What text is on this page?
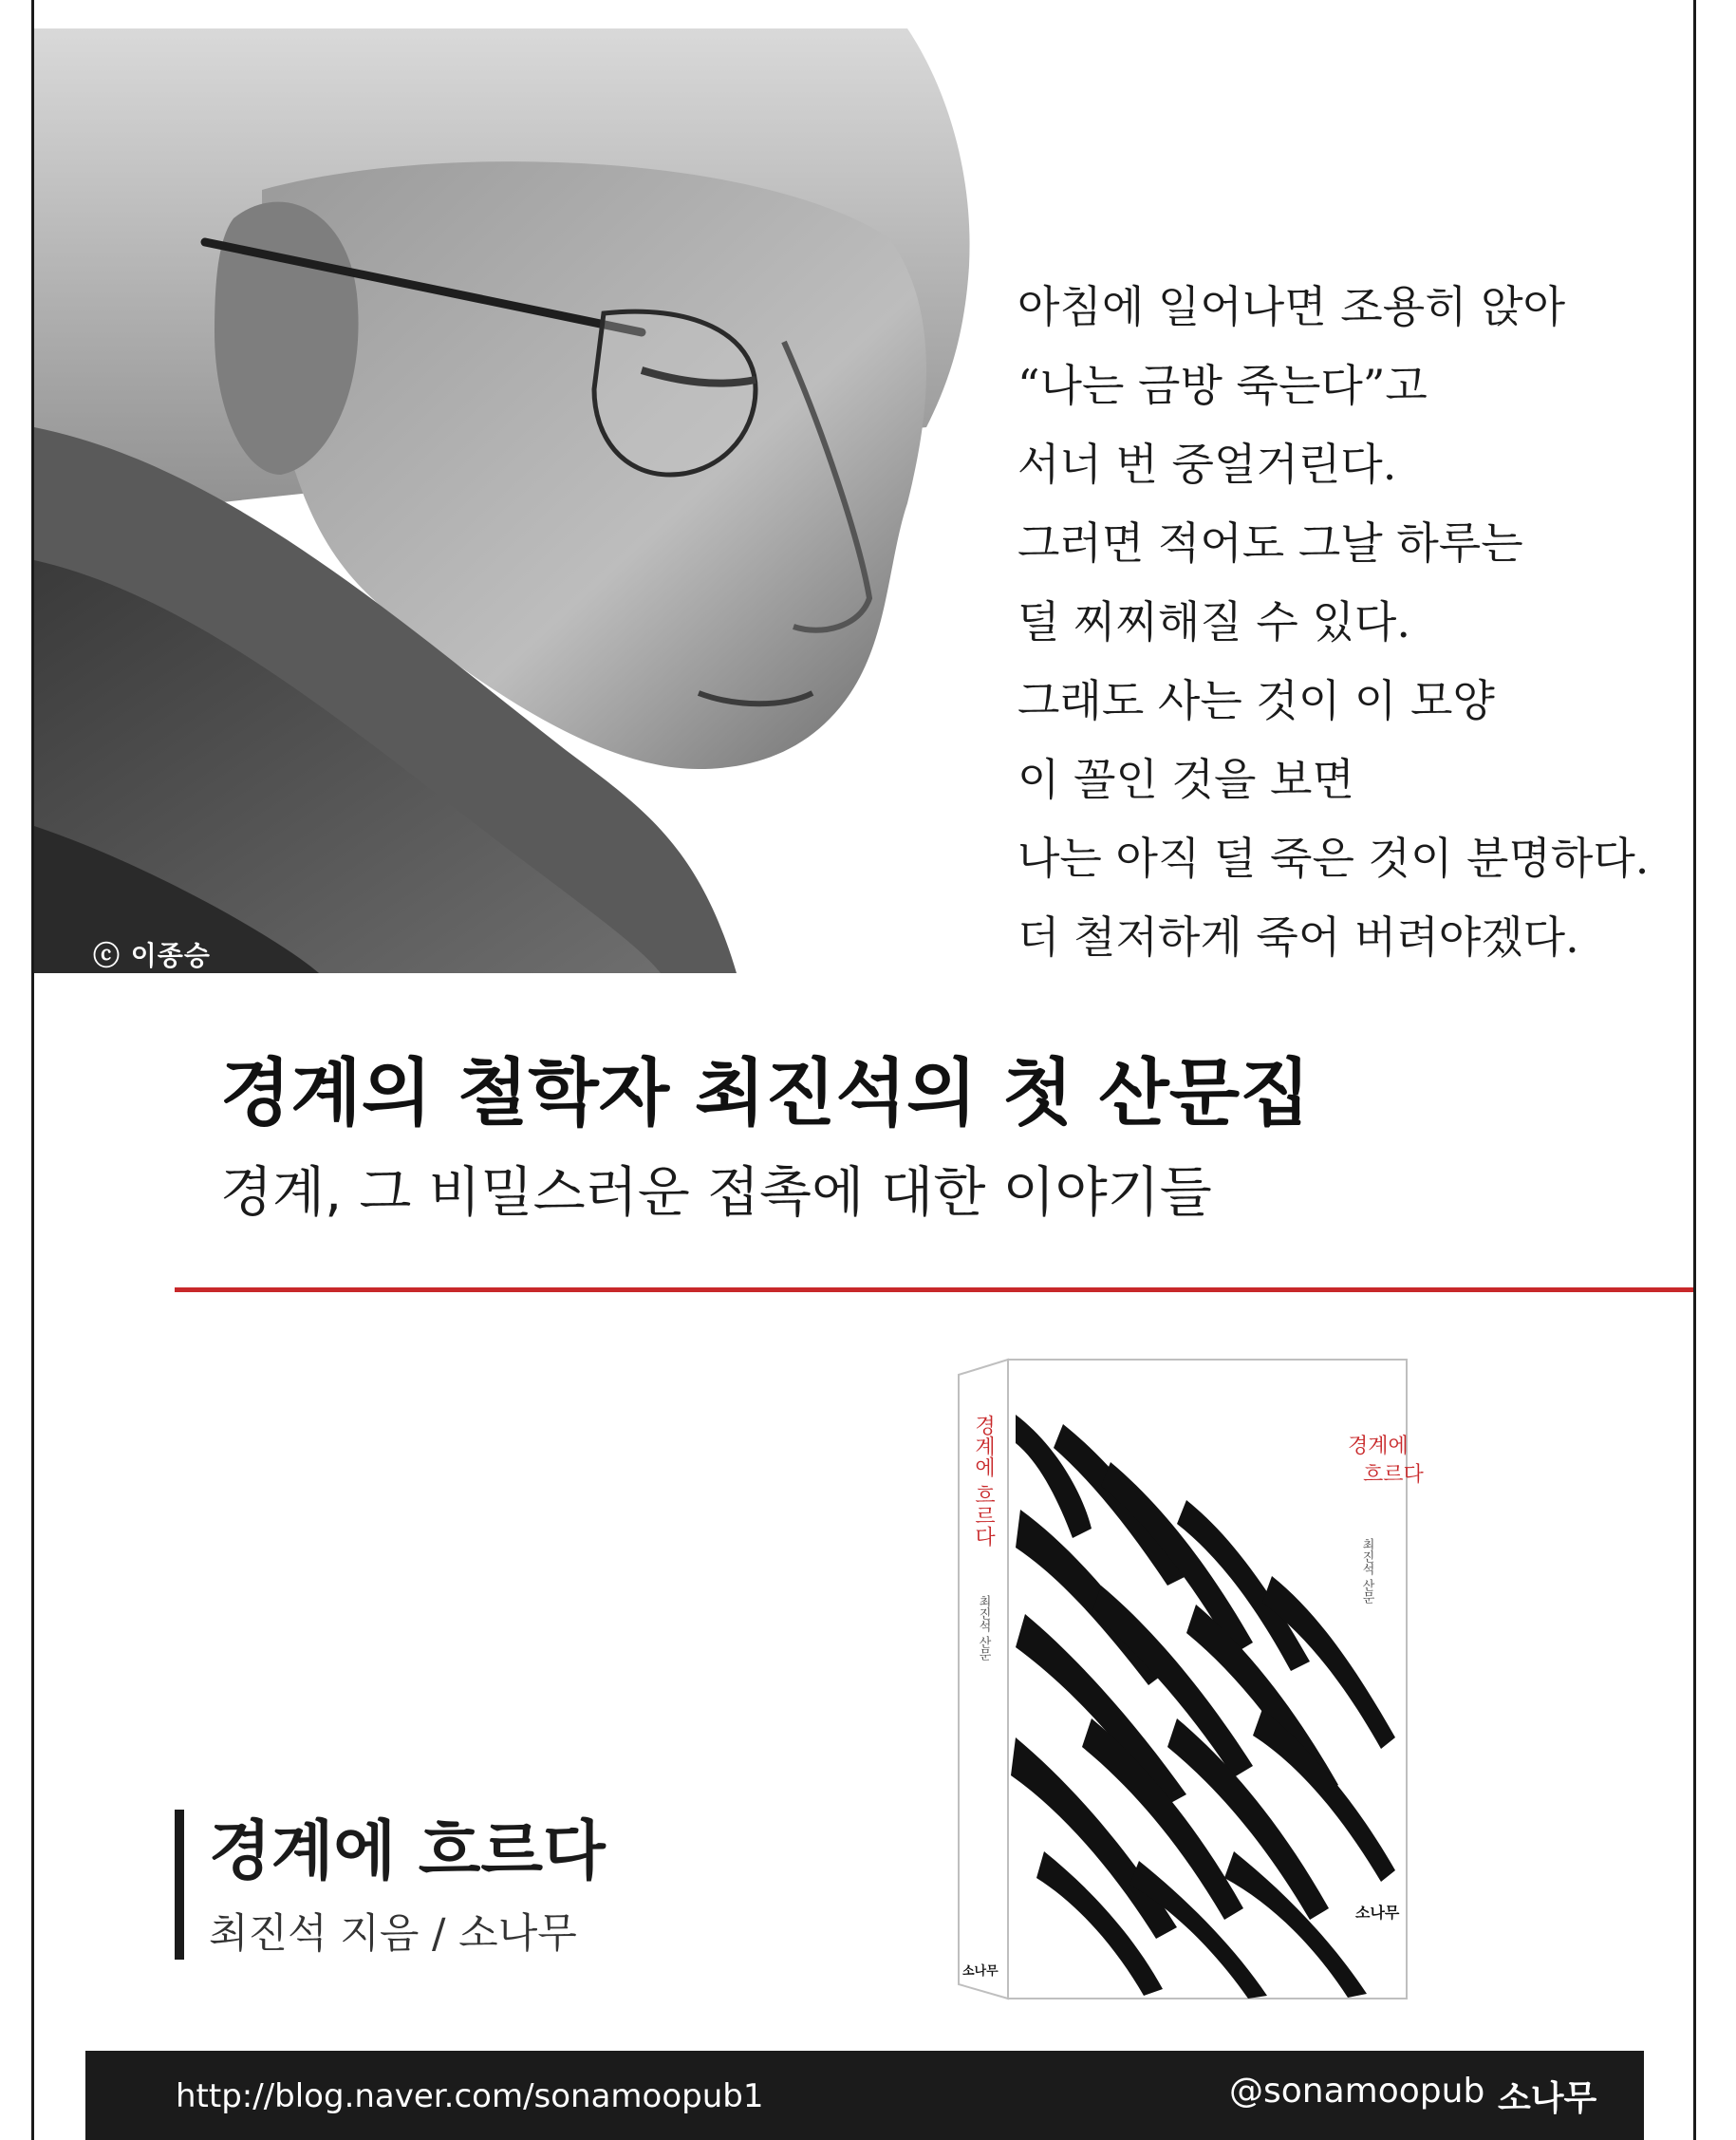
ⓒ 이종승
아침에 일어나면 조용히 앉아
“나는 금방 죽는다”고
서너 번 중얼거린다.
그러면 적어도 그날 하루는
덜 찌찌해질 수 있다.
그래도 사는 것이 이 모양
이 꼴인 것을 보면
나는 아직 덜 죽은 것이 분명하다.
더 철저하게 죽어 버려야겠다.
경계의 철학자 최진석의 첫 산문집
경계, 그 비밀스러운 접촉에 대한 이야기들
경계에 흐르다
최진석 지음 / 소나무
경계에
흐르다
최진석 산문
소나무
경계에 흐르다
최진석 산문
소나무
http://blog.naver.com/sonamoopub1	@sonamoopub 소나무
